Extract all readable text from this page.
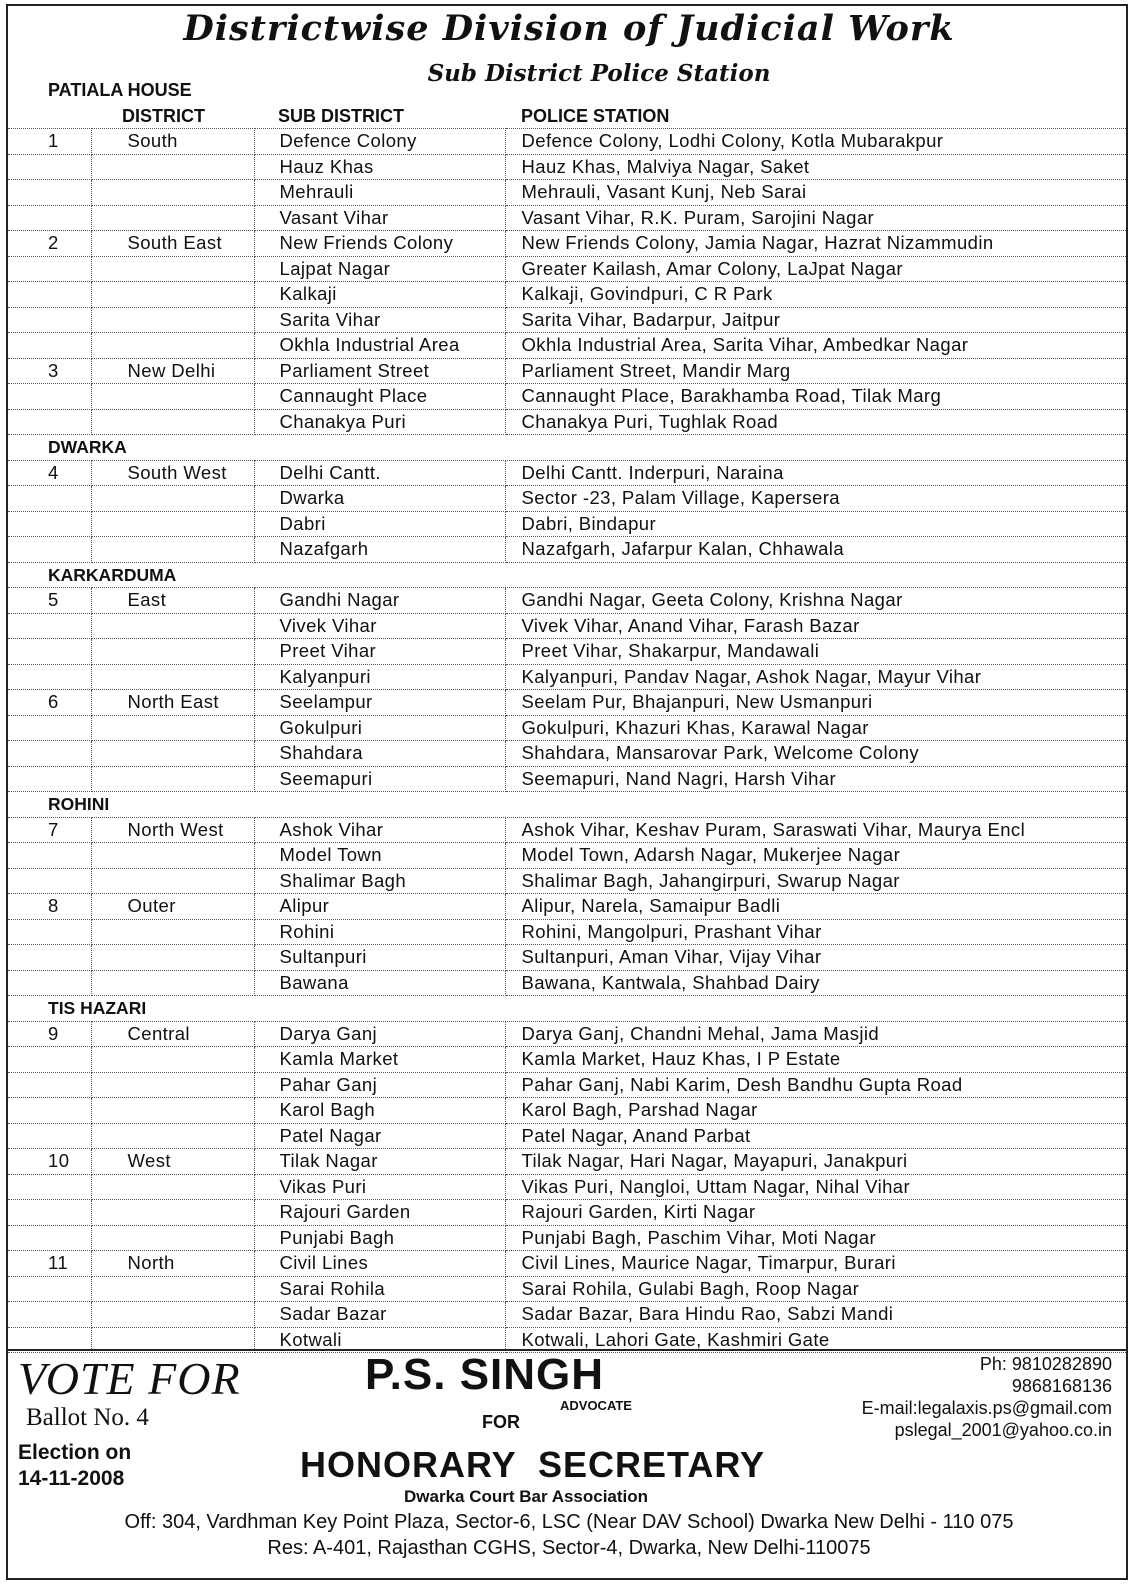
Districtwise Division of Judicial Work
Sub District Police Station
PATIALA HOUSE
DISTRICT	SUB DISTRICT	POLICE STATION
1	South	Defence Colony	Defence Colony, Lodhi Colony, Kotla Mubarakpur
		Hauz Khas	Hauz Khas, Malviya Nagar, Saket
		Mehrauli	Mehrauli, Vasant Kunj, Neb Sarai
		Vasant Vihar	Vasant Vihar, R.K. Puram, Sarojini Nagar
2	South East	New Friends Colony	New Friends Colony, Jamia Nagar, Hazrat Nizammudin
		Lajpat Nagar	Greater Kailash, Amar Colony, LaJpat Nagar
		Kalkaji	Kalkaji, Govindpuri, C R Park
		Sarita Vihar	Sarita Vihar, Badarpur, Jaitpur
		Okhla Industrial Area	Okhla Industrial Area, Sarita Vihar, Ambedkar Nagar
3	New Delhi	Parliament Street	Parliament Street, Mandir Marg
		Cannaught Place	Cannaught Place, Barakhamba Road, Tilak Marg
		Chanakya Puri	Chanakya Puri, Tughlak Road
DWARKA			
4	South West	Delhi Cantt.	Delhi Cantt. Inderpuri, Naraina
		Dwarka	Sector -23, Palam Village, Kapersera
		Dabri	Dabri, Bindapur
		Nazafgarh	Nazafgarh, Jafarpur Kalan, Chhawala
KARKARDUMA			
5	East	Gandhi Nagar	Gandhi Nagar, Geeta Colony, Krishna Nagar
		Vivek Vihar	Vivek Vihar, Anand Vihar, Farash Bazar
		Preet Vihar	Preet Vihar, Shakarpur, Mandawali
		Kalyanpuri	Kalyanpuri, Pandav Nagar, Ashok Nagar, Mayur Vihar
6	North East	Seelampur	Seelam Pur, Bhajanpuri, New Usmanpuri
		Gokulpuri	Gokulpuri, Khazuri Khas, Karawal Nagar
		Shahdara	Shahdara, Mansarovar Park, Welcome Colony
		Seemapuri	Seemapuri, Nand Nagri, Harsh Vihar
ROHINI			
7	North West	Ashok Vihar	Ashok Vihar, Keshav Puram, Saraswati Vihar, Maurya Encl
		Model Town	Model Town, Adarsh Nagar, Mukerjee Nagar
		Shalimar Bagh	Shalimar Bagh, Jahangirpuri, Swarup Nagar
8	Outer	Alipur	Alipur, Narela, Samaipur Badli
		Rohini	Rohini, Mangolpuri, Prashant Vihar
		Sultanpuri	Sultanpuri, Aman Vihar, Vijay Vihar
		Bawana	Bawana, Kantwala, Shahbad Dairy
TIS HAZARI			
9	Central	Darya Ganj	Darya Ganj, Chandni Mehal, Jama Masjid
		Kamla Market	Kamla Market, Hauz Khas, I P Estate
		Pahar Ganj	Pahar Ganj, Nabi Karim, Desh Bandhu Gupta Road
		Karol Bagh	Karol Bagh, Parshad Nagar
		Patel Nagar	Patel Nagar, Anand Parbat
10	West	Tilak Nagar	Tilak Nagar, Hari Nagar, Mayapuri, Janakpuri
		Vikas Puri	Vikas Puri, Nangloi, Uttam Nagar, Nihal Vihar
		Rajouri Garden	Rajouri Garden, Kirti Nagar
		Punjabi Bagh	Punjabi Bagh, Paschim Vihar, Moti Nagar
11	North	Civil Lines	Civil Lines, Maurice Nagar, Timarpur, Burari
		Sarai Rohila	Sarai Rohila, Gulabi Bagh, Roop Nagar
		Sadar Bazar	Sadar Bazar, Bara Hindu Rao, Sabzi Mandi
		Kotwali	Kotwali, Lahori Gate, Kashmiri Gate
VOTE FOR
Ballot No. 4
Election on
14-11-2008
P.S. SINGH
ADVOCATE
FOR
HONORARY  SECRETARY
Dwarka Court Bar Association
Ph: 9810282890
9868168136
E-mail:legalaxis.ps@gmail.com
pslegal_2001@yahoo.co.in
Off: 304, Vardhman Key Point Plaza, Sector-6, LSC (Near DAV School) Dwarka New Delhi - 110 075
Res: A-401, Rajasthan CGHS, Sector-4, Dwarka, New Delhi-110075
